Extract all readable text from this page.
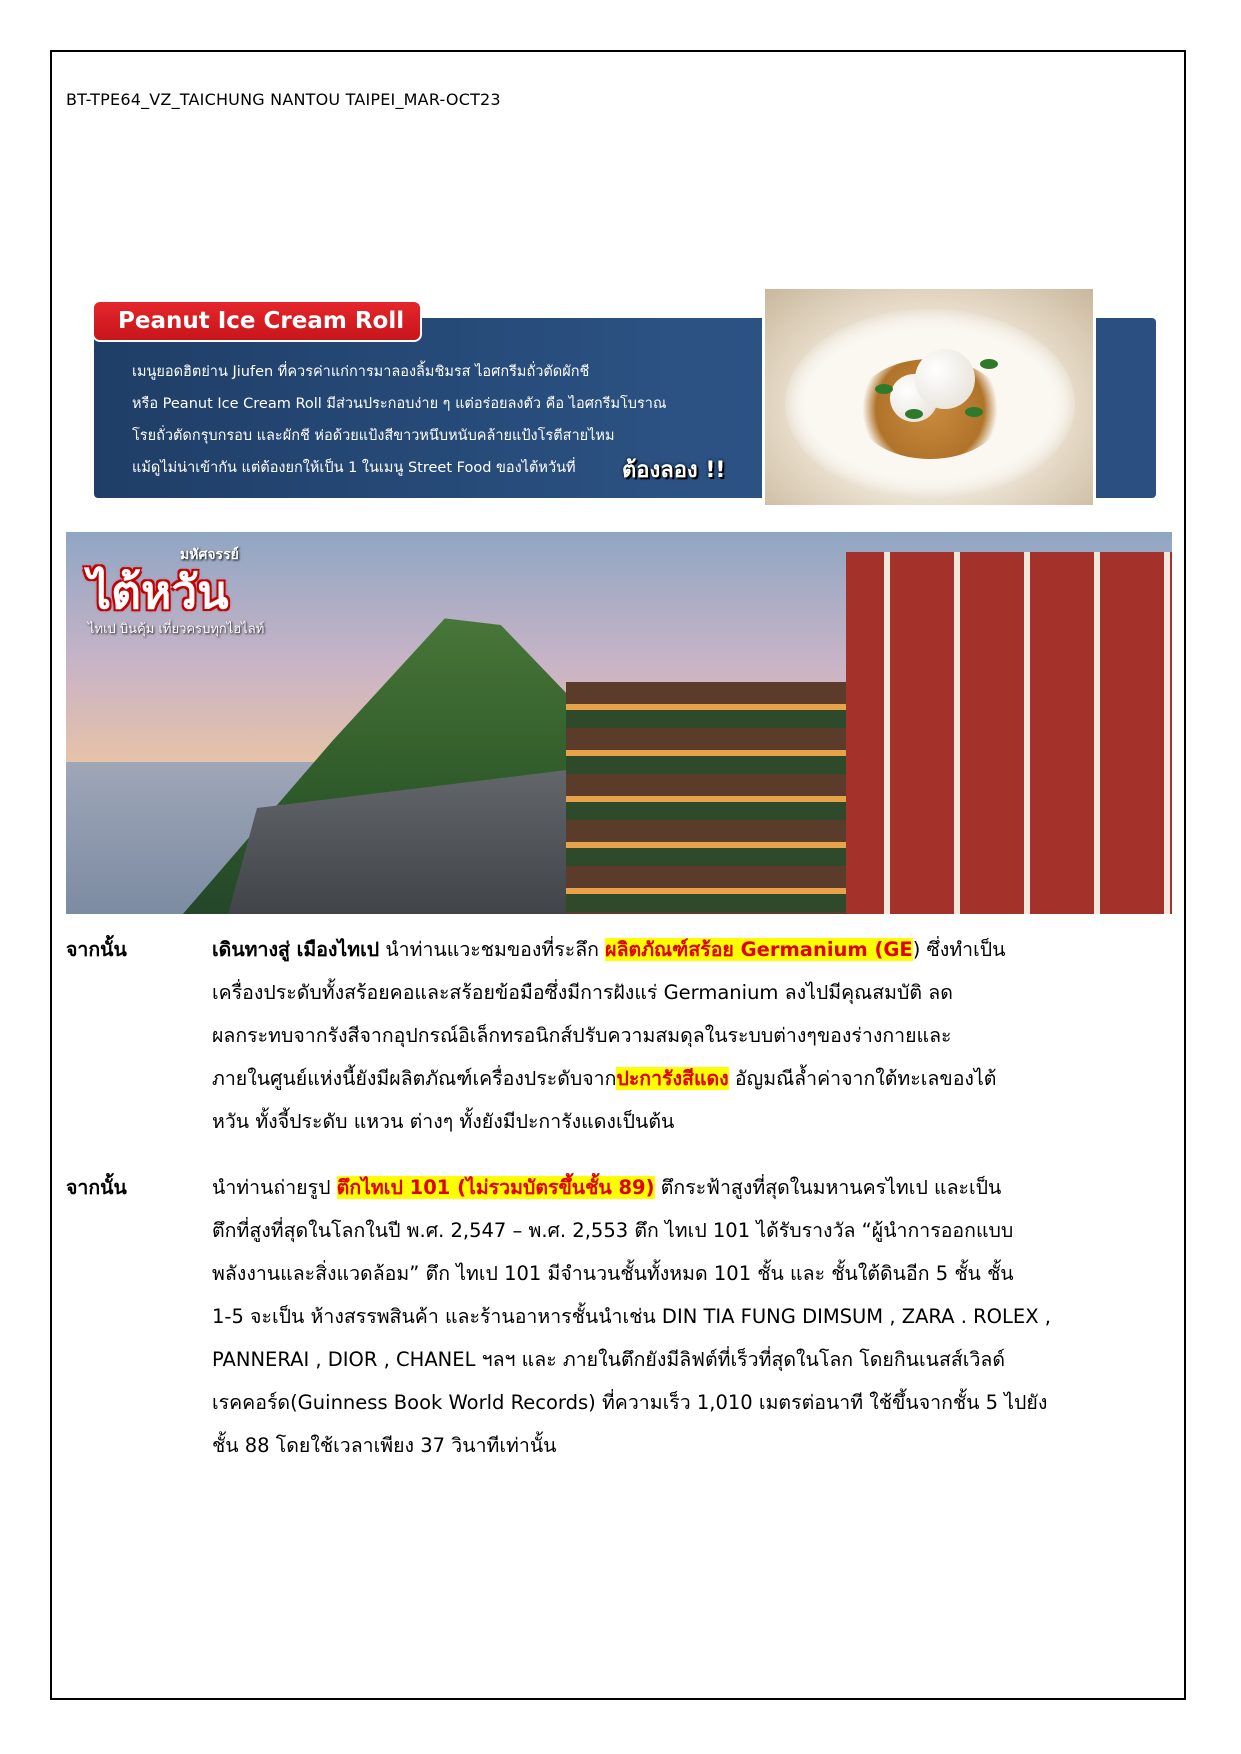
BT-TPE64_VZ_TAICHUNG NANTOU TAIPEI_MAR-OCT23
Peanut Ice Cream Roll
เมนูยอดฮิตย่าน Jiufen ที่ควรค่าแก่การมาลองลิ้มชิมรส ไอศกรีมถั่วตัดผักชี
หรือ Peanut Ice Cream Roll มีส่วนประกอบง่าย ๆ แต่อร่อยลงตัว คือ ไอศกรีมโบราณ
โรยถั่วตัดกรุบกรอบ และผักชี ห่อด้วยแป้งสีขาวหนึบหนับคล้ายแป้งโรตีสายไหม
แม้ดูไม่น่าเข้ากัน แต่ต้องยกให้เป็น 1 ในเมนู Street Food ของไต้หวันที่	ต้องลอง !!
มหัศจรรย์
ไต้หวัน
ไทเป บินคุ้ม เที่ยวครบทุกไฮไลท์
จากนั้น	เดินทางสู่ เมืองไทเป นำท่านแวะชมของที่ระลึก ผลิตภัณฑ์สร้อย Germanium (GE) ซึ่งทำเป็น
เครื่องประดับทั้งสร้อยคอและสร้อยข้อมือซึ่งมีการฝังแร่ Germanium ลงไปมีคุณสมบัติ ลด
ผลกระทบจากรังสีจากอุปกรณ์อิเล็กทรอนิกส์ปรับความสมดุลในระบบต่างๆของร่างกายและ
ภายในศูนย์แห่งนี้ยังมีผลิตภัณฑ์เครื่องประดับจากปะการังสีแดง อัญมณีล้ำค่าจากใต้ทะเลของไต้
หวัน ทั้งจี้ประดับ แหวน ต่างๆ ทั้งยังมีปะการังแดงเป็นต้น
จากนั้น	นำท่านถ่ายรูป ตึกไทเป 101 (ไม่รวมบัตรขึ้นชั้น 89) ตึกระฟ้าสูงที่สุดในมหานครไทเป และเป็น
ตึกที่สูงที่สุดในโลกในปี พ.ศ. 2,547 – พ.ศ. 2,553 ตึก ไทเป 101 ได้รับรางวัล “ผู้นำการออกแบบ
พลังงานและสิ่งแวดล้อม” ตึก ไทเป 101 มีจำนวนชั้นทั้งหมด 101 ชั้น และ ชั้นใต้ดินอีก 5 ชั้น ชั้น
1-5 จะเป็น ห้างสรรพสินค้า และร้านอาหารชั้นนำเช่น DIN TIA FUNG DIMSUM , ZARA . ROLEX ,
PANNERAI , DIOR , CHANEL ฯลฯ และ ภายในตึกยังมีลิฟต์ที่เร็วที่สุดในโลก โดยกินเนสส์เวิลด์
เรคคอร์ด(Guinness Book World Records) ที่ความเร็ว 1,010 เมตรต่อนาที ใช้ขึ้นจากชั้น 5 ไปยัง
ชั้น 88 โดยใช้เวลาเพียง 37 วินาทีเท่านั้น
